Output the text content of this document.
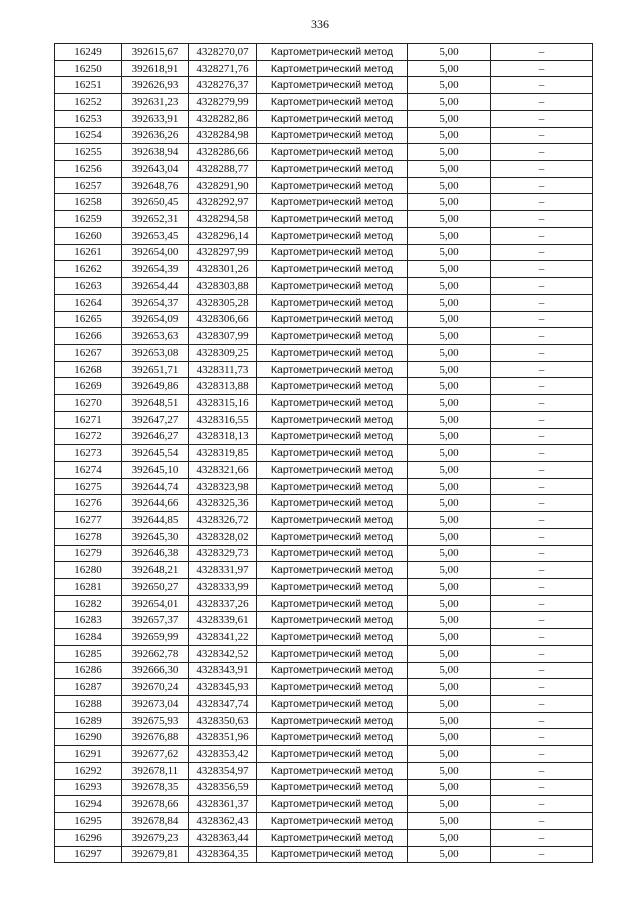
336
16249	392615,67	4328270,07	Картометрический метод	5,00	–
16250	392618,91	4328271,76	Картометрический метод	5,00	–
16251	392626,93	4328276,37	Картометрический метод	5,00	–
16252	392631,23	4328279,99	Картометрический метод	5,00	–
16253	392633,91	4328282,86	Картометрический метод	5,00	–
16254	392636,26	4328284,98	Картометрический метод	5,00	–
16255	392638,94	4328286,66	Картометрический метод	5,00	–
16256	392643,04	4328288,77	Картометрический метод	5,00	–
16257	392648,76	4328291,90	Картометрический метод	5,00	–
16258	392650,45	4328292,97	Картометрический метод	5,00	–
16259	392652,31	4328294,58	Картометрический метод	5,00	–
16260	392653,45	4328296,14	Картометрический метод	5,00	–
16261	392654,00	4328297,99	Картометрический метод	5,00	–
16262	392654,39	4328301,26	Картометрический метод	5,00	–
16263	392654,44	4328303,88	Картометрический метод	5,00	–
16264	392654,37	4328305,28	Картометрический метод	5,00	–
16265	392654,09	4328306,66	Картометрический метод	5,00	–
16266	392653,63	4328307,99	Картометрический метод	5,00	–
16267	392653,08	4328309,25	Картометрический метод	5,00	–
16268	392651,71	4328311,73	Картометрический метод	5,00	–
16269	392649,86	4328313,88	Картометрический метод	5,00	–
16270	392648,51	4328315,16	Картометрический метод	5,00	–
16271	392647,27	4328316,55	Картометрический метод	5,00	–
16272	392646,27	4328318,13	Картометрический метод	5,00	–
16273	392645,54	4328319,85	Картометрический метод	5,00	–
16274	392645,10	4328321,66	Картометрический метод	5,00	–
16275	392644,74	4328323,98	Картометрический метод	5,00	–
16276	392644,66	4328325,36	Картометрический метод	5,00	–
16277	392644,85	4328326,72	Картометрический метод	5,00	–
16278	392645,30	4328328,02	Картометрический метод	5,00	–
16279	392646,38	4328329,73	Картометрический метод	5,00	–
16280	392648,21	4328331,97	Картометрический метод	5,00	–
16281	392650,27	4328333,99	Картометрический метод	5,00	–
16282	392654,01	4328337,26	Картометрический метод	5,00	–
16283	392657,37	4328339,61	Картометрический метод	5,00	–
16284	392659,99	4328341,22	Картометрический метод	5,00	–
16285	392662,78	4328342,52	Картометрический метод	5,00	–
16286	392666,30	4328343,91	Картометрический метод	5,00	–
16287	392670,24	4328345,93	Картометрический метод	5,00	–
16288	392673,04	4328347,74	Картометрический метод	5,00	–
16289	392675,93	4328350,63	Картометрический метод	5,00	–
16290	392676,88	4328351,96	Картометрический метод	5,00	–
16291	392677,62	4328353,42	Картометрический метод	5,00	–
16292	392678,11	4328354,97	Картометрический метод	5,00	–
16293	392678,35	4328356,59	Картометрический метод	5,00	–
16294	392678,66	4328361,37	Картометрический метод	5,00	–
16295	392678,84	4328362,43	Картометрический метод	5,00	–
16296	392679,23	4328363,44	Картометрический метод	5,00	–
16297	392679,81	4328364,35	Картометрический метод	5,00	–
